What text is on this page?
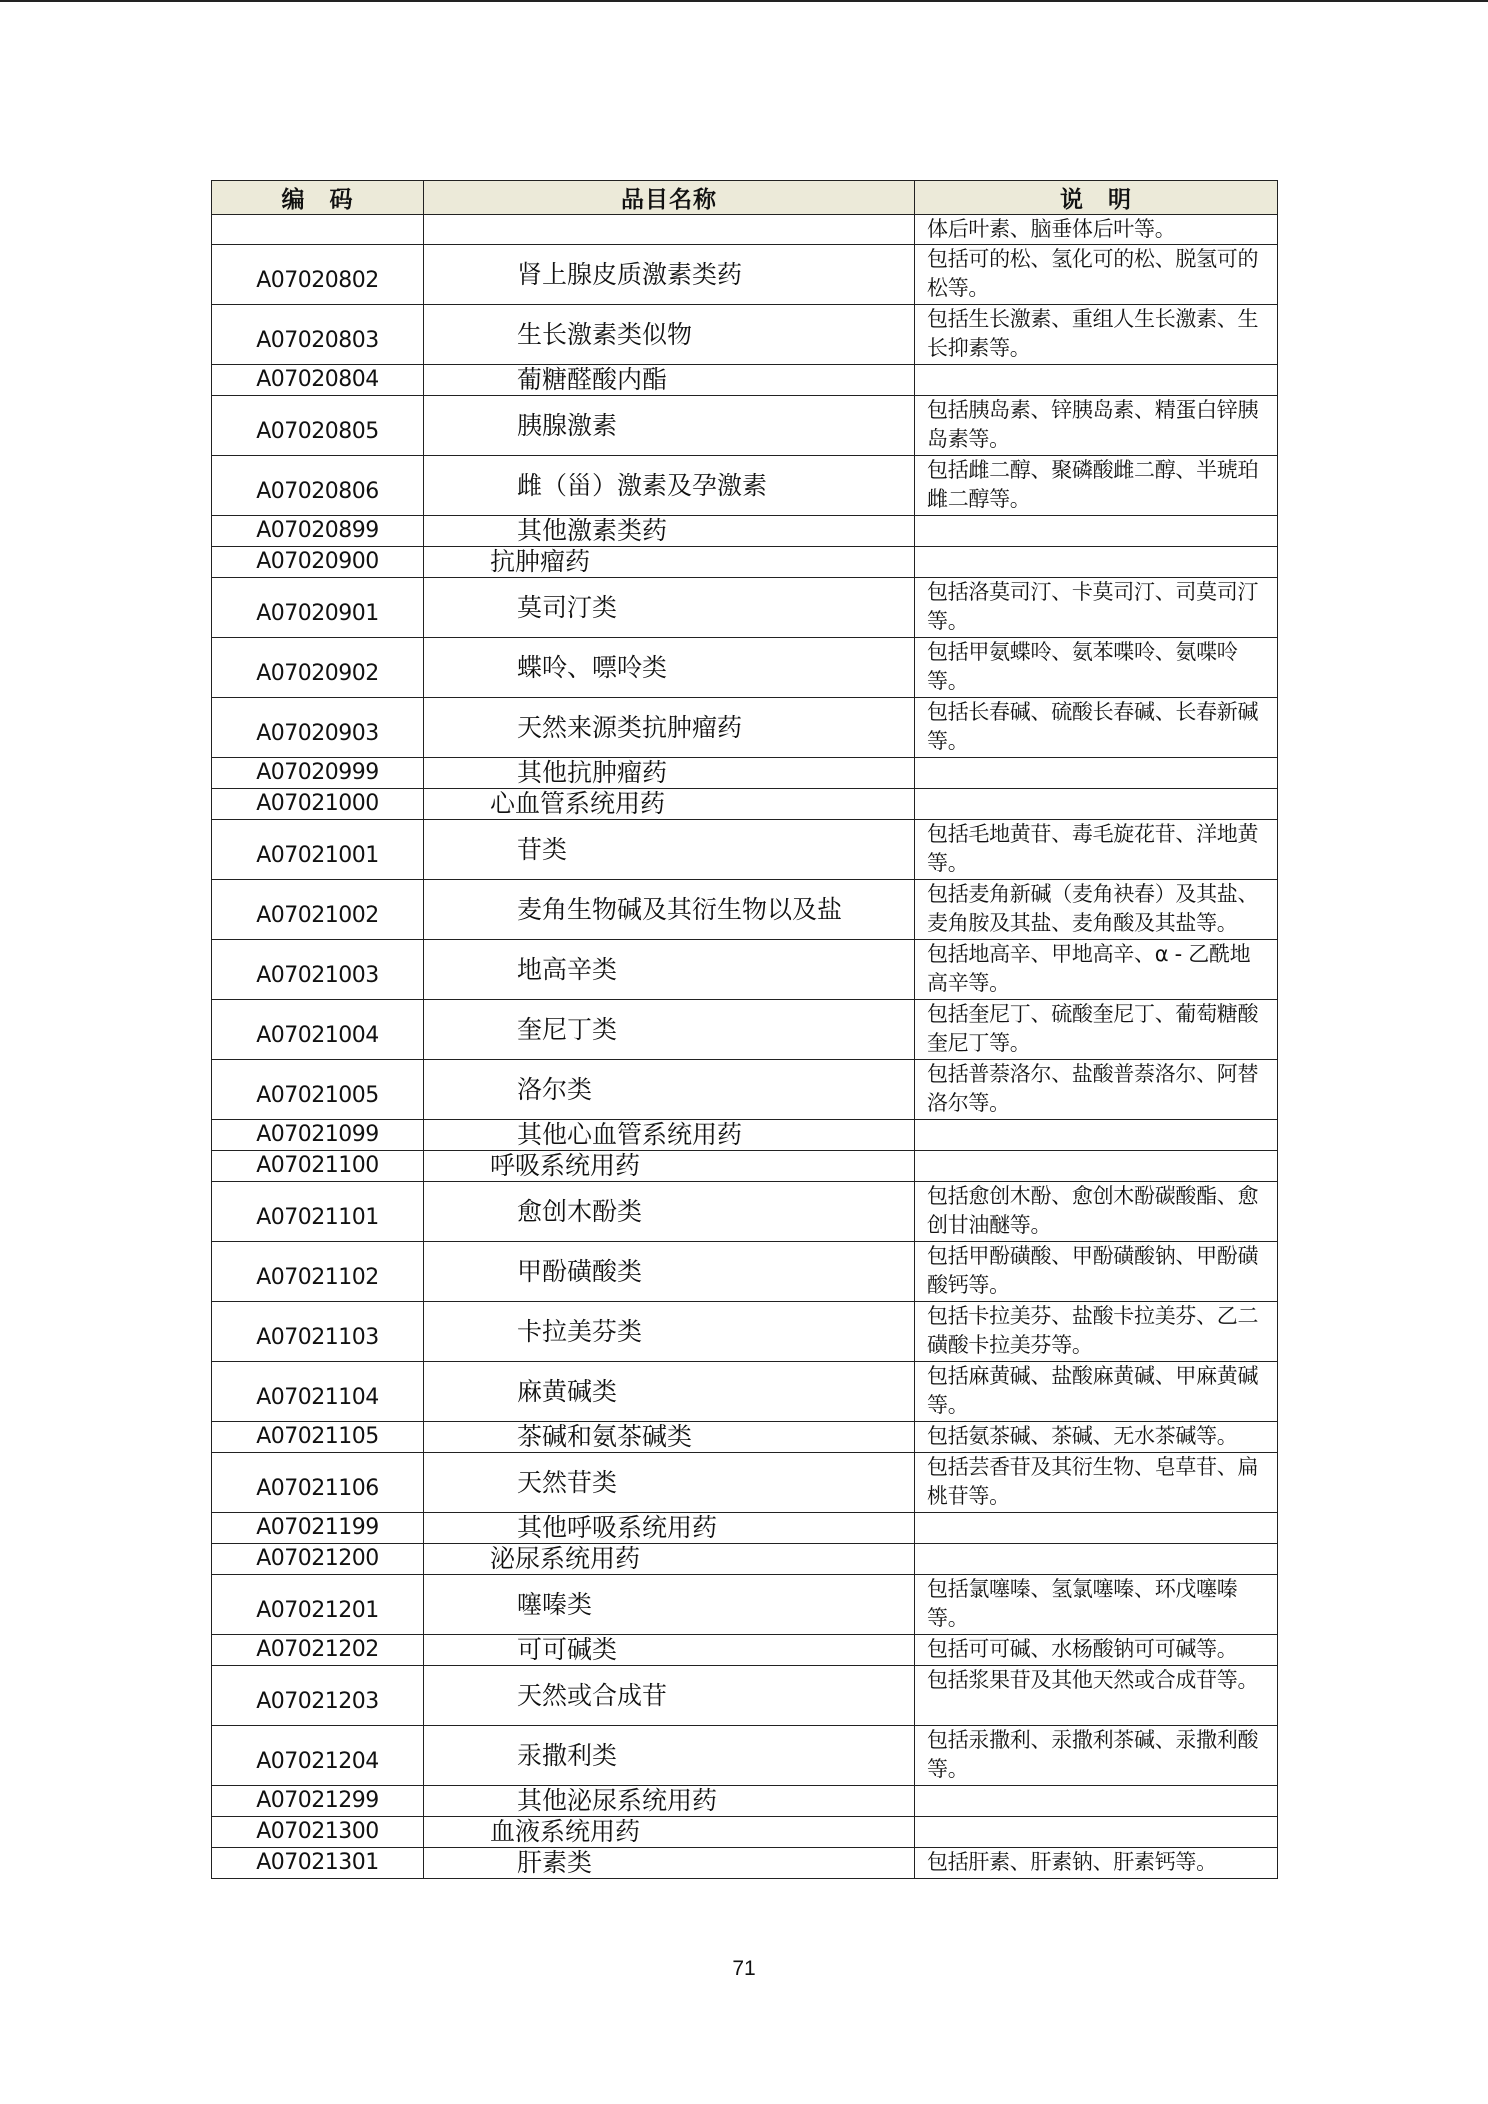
编　码	品目名称	说　明
		体后叶素、脑垂体后叶等。
A07020802	肾上腺皮质激素类药	包括可的松、氢化可的松、脱氢可的松等。
A07020803	生长激素类似物	包括生长激素、重组人生长激素、生长抑素等。
A07020804	葡糖醛酸内酯	
A07020805	胰腺激素	包括胰岛素、锌胰岛素、精蛋白锌胰岛素等。
A07020806	雌（甾）激素及孕激素	包括雌二醇、聚磷酸雌二醇、半琥珀雌二醇等。
A07020899	其他激素类药	
A07020900	抗肿瘤药	
A07020901	莫司汀类	包括洛莫司汀、卡莫司汀、司莫司汀等。
A07020902	蝶呤、嘌呤类	包括甲氨蝶呤、氨苯喋呤、氨喋呤等。
A07020903	天然来源类抗肿瘤药	包括长春碱、硫酸长春碱、长春新碱等。
A07020999	其他抗肿瘤药	
A07021000	心血管系统用药	
A07021001	苷类	包括毛地黄苷、毒毛旋花苷、洋地黄等。
A07021002	麦角生物碱及其衍生物以及盐	包括麦角新碱（麦角袂春）及其盐、麦角胺及其盐、麦角酸及其盐等。
A07021003	地高辛类	包括地高辛、甲地高辛、α - 乙酰地高辛等。
A07021004	奎尼丁类	包括奎尼丁、硫酸奎尼丁、葡萄糖酸奎尼丁等。
A07021005	洛尔类	包括普萘洛尔、盐酸普萘洛尔、阿替洛尔等。
A07021099	其他心血管系统用药	
A07021100	呼吸系统用药	
A07021101	愈创木酚类	包括愈创木酚、愈创木酚碳酸酯、愈创甘油醚等。
A07021102	甲酚磺酸类	包括甲酚磺酸、甲酚磺酸钠、甲酚磺酸钙等。
A07021103	卡拉美芬类	包括卡拉美芬、盐酸卡拉美芬、乙二磺酸卡拉美芬等。
A07021104	麻黄碱类	包括麻黄碱、盐酸麻黄碱、甲麻黄碱等。
A07021105	茶碱和氨茶碱类	包括氨茶碱、茶碱、无水茶碱等。
A07021106	天然苷类	包括芸香苷及其衍生物、皂草苷、扁桃苷等。
A07021199	其他呼吸系统用药	
A07021200	泌尿系统用药	
A07021201	噻嗪类	包括氯噻嗪、氢氯噻嗪、环戊噻嗪等。
A07021202	可可碱类	包括可可碱、水杨酸钠可可碱等。
A07021203	天然或合成苷	包括浆果苷及其他天然或合成苷等。
A07021204	汞撒利类	包括汞撒利、汞撒利茶碱、汞撒利酸等。
A07021299	其他泌尿系统用药	
A07021300	血液系统用药	
A07021301	肝素类	包括肝素、肝素钠、肝素钙等。
71
